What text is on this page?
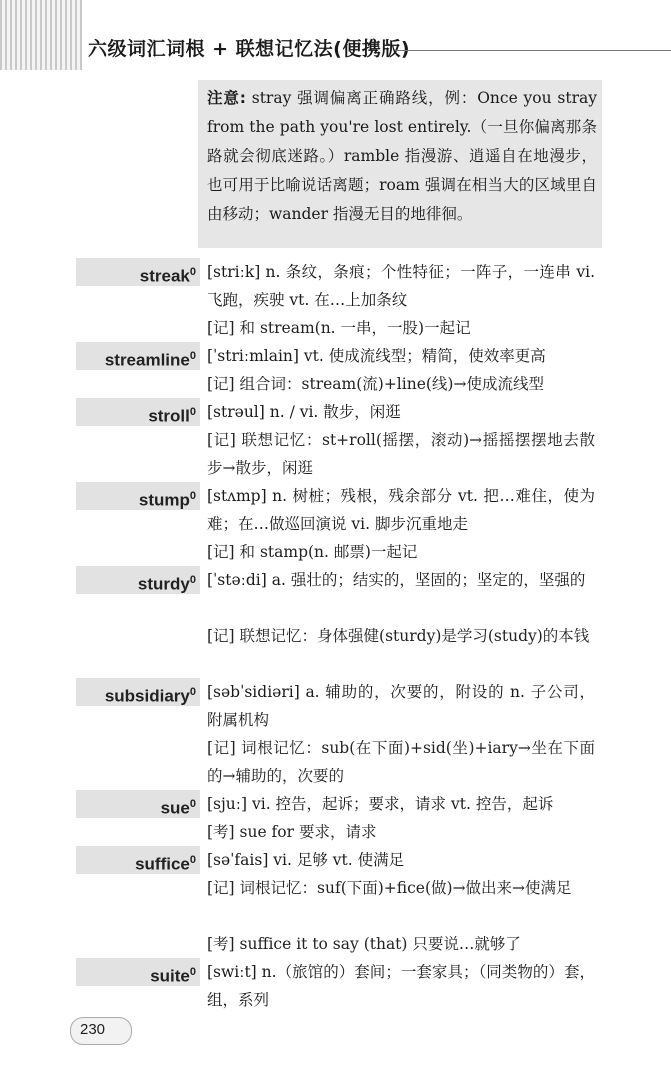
六级词汇词根 + 联想记忆法(便携版)
注意: stray 强调偏离正确路线，例：Once you stray from the path you're lost entirely.（一旦你偏离那条路就会彻底迷路。）ramble 指漫游、逍遥自在地漫步，也可用于比喻说话离题；roam 强调在相当大的区域里自由移动；wander 指漫无目的地徘徊。
streak$^0$ [striːk] n. 条纹，条痕；个性特征；一阵子，一连串 vi. 飞跑，疾驶 vt. 在…上加条纹
[记] 和 stream(n. 一串，一股)一起记
streamline$^0$ [ˈstriːmlain] vt. 使成流线型；精简，使效率更高
[记] 组合词：stream(流)+line(线)→使成流线型
stroll$^0$ [strəul] n. / vi. 散步，闲逛
[记] 联想记忆：st+roll(摇摆，滚动)→摇摇摆摆地去散步→散步，闲逛
stump$^0$ [stʌmp] n. 树桩；残根，残余部分 vt. 把…难住，使为难；在…做巡回演说 vi. 脚步沉重地走
[记] 和 stamp(n. 邮票)一起记
sturdy$^0$ [ˈstəːdi] a. 强壮的；结实的，坚固的；坚定的，坚强的
[记] 联想记忆：身体强健(sturdy)是学习(study)的本钱
subsidiary$^0$ [səbˈsidiəri] a. 辅助的，次要的，附设的 n. 子公司，附属机构
[记] 词根记忆：sub(在下面)+sid(坐)+iary→坐在下面的→辅助的，次要的
sue$^0$ [sjuː] vi. 控告，起诉；要求，请求 vt. 控告，起诉
[考] sue for 要求，请求
suffice$^0$ [səˈfais] vi. 足够 vt. 使满足
[记] 词根记忆：suf(下面)+fice(做)→做出来→使满足
[考] suffice it to say (that) 只要说…就够了
suite$^0$ [swiːt] n.（旅馆的）套间；一套家具；（同类物的）套，组，系列
230
